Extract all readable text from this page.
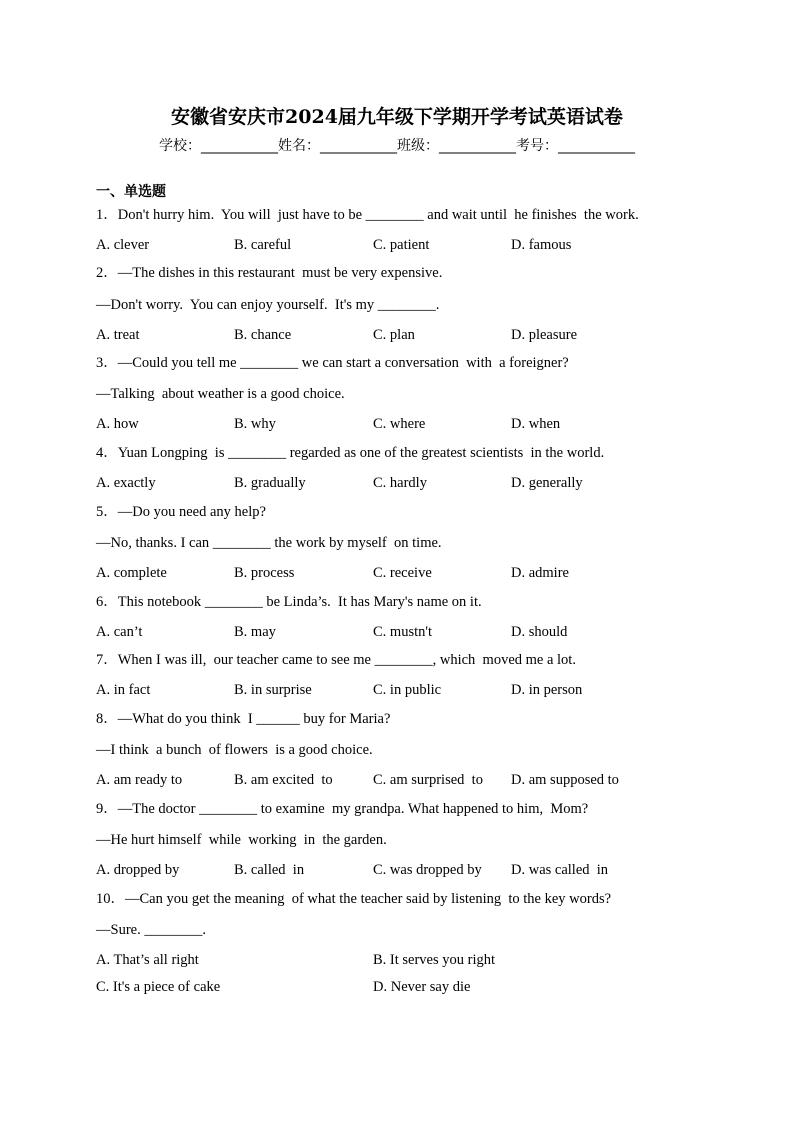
安徽省安庆市2024届九年级下学期开学考试英语试卷
学校：___________姓名：___________班级：___________考号：___________
一、单选题
1．Don't hurry him.  You will  just have to be ________ and wait until  he finishes  the work.
A. clever	B. careful	C. patient	D. famous
2．—The dishes in this restaurant  must be very expensive.
—Don't worry.  You can enjoy yourself.  It's my ________.
A. treat	B. chance	C. plan	D. pleasure
3．—Could you tell me ________ we can start a conversation  with  a foreigner?
—Talking  about weather is a good choice.
A. how	B. why	C. where	D. when
4．Yuan Longping  is ________ regarded as one of the greatest scientists  in the world.
A. exactly	B. gradually	C. hardly	D. generally
5．—Do you need any help?
—No, thanks. I can ________ the work by myself  on time.
A. complete	B. process	C. receive	D. admire
6．This notebook ________ be Linda’s.  It has Mary's name on it.
A. can’t	B. may	C. mustn't	D. should
7．When I was ill,  our teacher came to see me ________, which  moved me a lot.
A. in fact	B. in surprise	C. in public	D. in person
8．—What do you think  I ______ buy for Maria?
—I think  a bunch  of flowers  is a good choice.
A. am ready to	B. am excited  to	C. am surprised  to D. am supposed to
9．—The doctor ________ to examine  my grandpa. What happened to him,  Mom?
—He hurt himself  while  working  in  the garden.
A. dropped by	B. called  in	C. was dropped by D. was called  in
10．—Can you get the meaning  of what the teacher said by listening  to the key words?
—Sure. ________.
A. That’s all right	B. It serves you right
C. It's a piece of cake	D. Never say die
